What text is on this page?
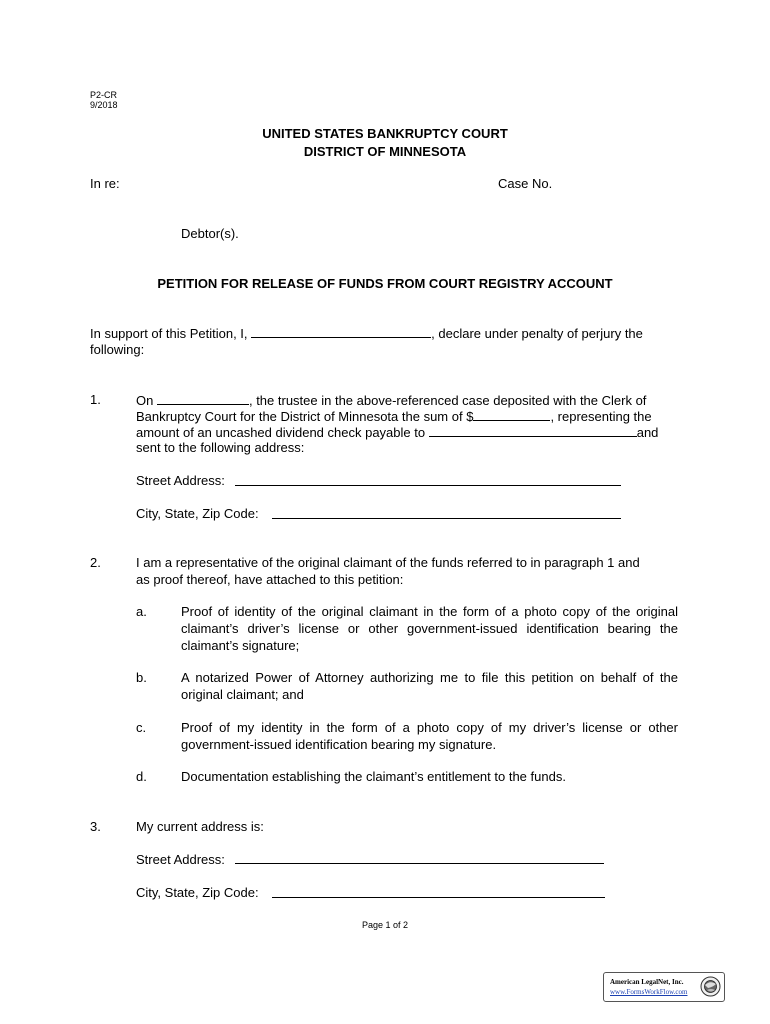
P2-CR
9/2018
UNITED STATES BANKRUPTCY COURT
DISTRICT OF MINNESOTA
In re:	Case No.
Debtor(s).
PETITION FOR RELEASE OF FUNDS FROM COURT REGISTRY ACCOUNT
In support of this Petition, I,	, declare under penalty of perjury the
following:
1.	On	, the trustee in the above-referenced case deposited with the Clerk of
Bankruptcy Court for the District of Minnesota the sum of $	, representing the
amount of an uncashed dividend check payable to	and
sent to the following address:
Street Address:
City, State, Zip Code:
2.	I am a representative of the original claimant of the funds referred to in paragraph 1 and
as proof thereof, have attached to this petition:
a.	Proof of identity of the original claimant in the form of a photo copy of the original claimant’s driver’s license or other government-issued identification bearing the claimant’s signature;
b.	A notarized Power of Attorney authorizing me to file this petition on behalf of the original claimant; and
c.	Proof of my identity in the form of a photo copy of my driver’s license or other government-issued identification bearing my signature.
d.	Documentation establishing the claimant’s entitlement to the funds.
3.	My current address is:
Street Address:
City, State, Zip Code:
Page 1 of 2
American LegalNet, Inc.
www.FormsWorkFlow.com
